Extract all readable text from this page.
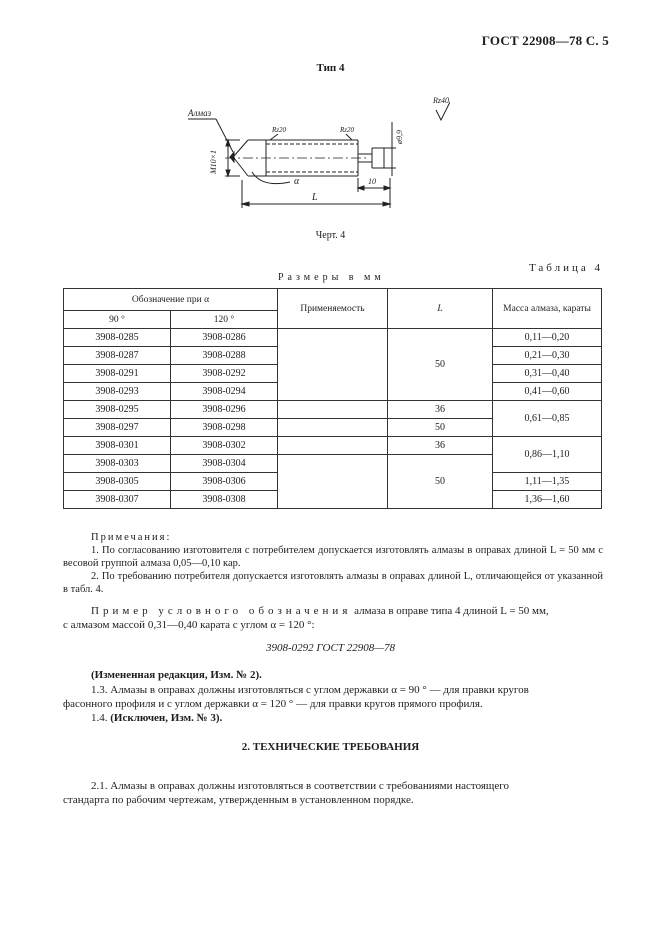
ГОСТ 22908—78 С. 5
Тип 4
Алмаз
Rz40
Rz20	Rz20
M10×1
ø9,9
α
L
10
Черт. 4
Таблица 4
Размеры в мм
Обозначение при α		Применяемость	L	Масса алмаза, караты
90 °	120 °			
3908-0285	3908-0286		50	0,11—0,20
3908-0287	3908-0288			0,21—0,30
3908-0291	3908-0292			0,31—0,40
3908-0293	3908-0294			0,41—0,60
3908-0295	3908-0296		36	0,61—0,85
3908-0297	3908-0298		50	
3908-0301	3908-0302		36	0,86—1,10
3908-0303	3908-0304		50	
3908-0305	3908-0306			1,11—1,35
3908-0307	3908-0308			1,36—1,60
Примечания:
1. По согласованию изготовителя с потребителем допускается изготовлять алмазы в оправах длиной L = 50 мм с весовой группой алмаза 0,05—0,10 кар.
2. По требованию потребителя допускается изготовлять алмазы в оправах длиной L, отличающейся от указанной в табл. 4.
Пример условного обозначения алмаза в оправе типа 4 длиной L = 50 мм,
с алмазом массой 0,31—0,40 карата с углом α = 120 °:
3908-0292 ГОСТ 22908—78
(Измененная редакция, Изм. № 2).
1.3. Алмазы в оправах должны изготовляться с углом державки α = 90 ° — для правки кругов
фасонного профиля и с углом державки α = 120 ° — для правки кругов прямого профиля.
1.4. (Исключен, Изм. № 3).
2. ТЕХНИЧЕСКИЕ ТРЕБОВАНИЯ
2.1. Алмазы в оправах должны изготовляться в соответствии с требованиями настоящего
стандарта по рабочим чертежам, утвержденным в установленном порядке.
